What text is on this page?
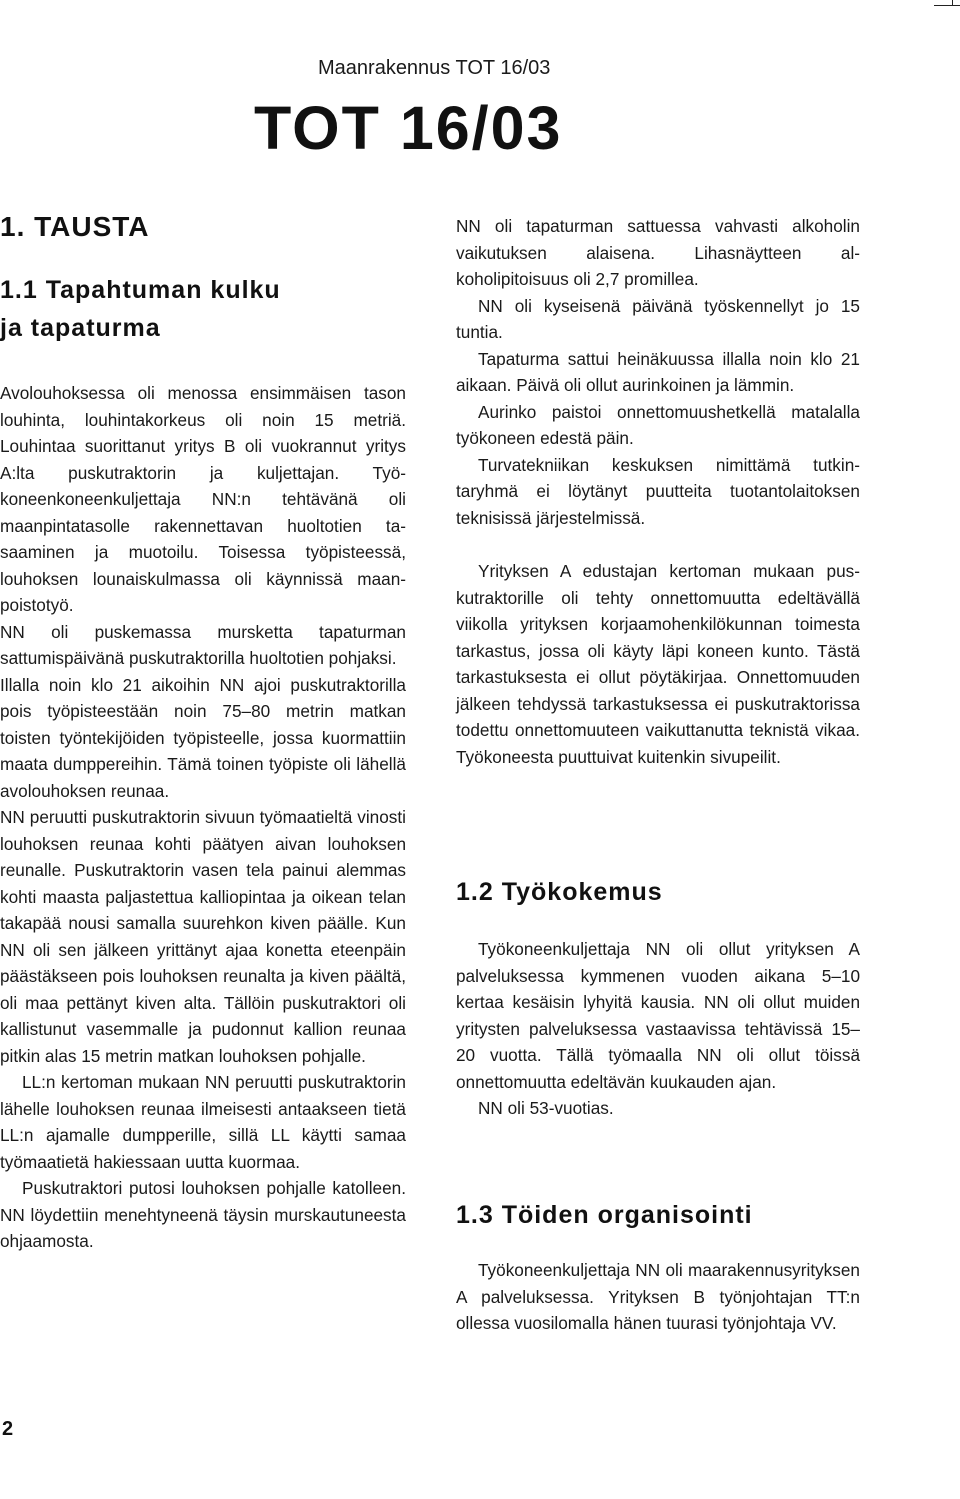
Maanrakennus TOT 16/03
TOT 16/03
1. TAUSTA
1.1 Tapahtuman kulku
ja tapaturma

Avolouhoksessa oli menossa ensimmäisen tason louhinta, louhintakorkeus oli noin 15 metriä. Louhintaa suorittanut yritys B oli vuokrannut yritys A:lta puskutraktorin ja kuljettajan. Työkoneenkoneenkuljettaja NN:n tehtävänä oli maanpintatasolle rakennettavan huoltotien tasaaminen ja muotoilu. Toisessa työpisteessä, louhoksen lounaiskulmassa oli käynnissä maanpoistotyö.

NN oli puskemassa mursketta tapaturman sattumispäivänä puskutraktorilla huoltotien pohjaksi.

Illalla noin klo 21 aikoihin NN ajoi puskutraktorilla pois työpisteestään noin 75–80 metrin matkan toisten työntekijöiden työpisteelle, jossa kuormattiin maata dumppereihin. Tämä toinen työpiste oli lähellä avolouhoksen reunaa.

NN peruutti puskutraktorin sivuun työmaatieltä vinosti louhoksen reunaa kohti päätyen aivan louhoksen reunalle. Puskutraktorin vasen tela painui alemmas kohti maasta paljastettua kalliopintaa ja oikean telan takapää nousi samalla suurehkon kiven päälle. Kun NN oli sen jälkeen yrittänyt ajaa konetta eteenpäin päästäkseen pois louhoksen reunalta ja kiven päältä, oli maa pettänyt kiven alta. Tällöin puskutraktori oli kallistunut vasemmalle ja pudonnut kallion reunaa pitkin alas 15 metrin matkan louhoksen pohjalle.

LL:n kertoman mukaan NN peruutti puskutraktorin lähelle louhoksen reunaa ilmeisesti antaakseen tietä LL:n ajamalle dumpperille, sillä LL käytti samaa työmaatietä hakiessaan uutta kuormaa.

Puskutraktori putosi louhoksen pohjalle katolleen. NN löydettiin menehtyneenä täysin murskautuneesta ohjaamosta.

NN oli tapaturman sattuessa vahvasti alkoholin vaikutuksen alaisena. Lihasnäytteen alkoholipitoisuus oli 2,7 promillea.

NN oli kyseisenä päivänä työskennellyt jo 15 tuntia.

Tapaturma sattui heinäkuussa illalla noin klo 21 aikaan. Päivä oli ollut aurinkoinen ja lämmin.

Aurinko paistoi onnettomuushetkellä matalalla työkoneen edestä päin.

Turvatekniikan keskuksen nimittämä tutkintaryhmä ei löytänyt puutteita tuotantolaitoksen teknisissä järjestelmissä.

Yrityksen A edustajan kertoman mukaan puskutraktorille oli tehty onnettomuutta edeltävällä viikolla yrityksen korjaamohenkilökunnan toimesta tarkastus, jossa oli käyty läpi koneen kunto. Tästä tarkastuksesta ei ollut pöytäkirjaa. Onnettomuuden jälkeen tehdyssä tarkastuksessa ei puskutraktorissa todettu onnettomuuteen vaikuttanutta teknistä vikaa. Työkoneesta puuttuivat kuitenkin sivupeilit.

1.2 Työkokemus

Työkoneenkuljettaja NN oli ollut yrityksen A palveluksessa kymmenen vuoden aikana 5–10 kertaa kesäisin lyhyitä kausia. NN oli ollut muiden yritysten palveluksessa vastaavissa tehtävissä 15–20 vuotta. Tällä työmaalla NN oli ollut töissä onnettomuutta edeltävän kuukauden ajan.

NN oli 53-vuotias.

1.3 Töiden organisointi

Työkoneenkuljettaja NN oli maarakennusyrityksen A palveluksessa. Yrityksen B työnjohtajan TT:n ollessa vuosilomalla hänen tuurasi työnjohtaja VV.

2
